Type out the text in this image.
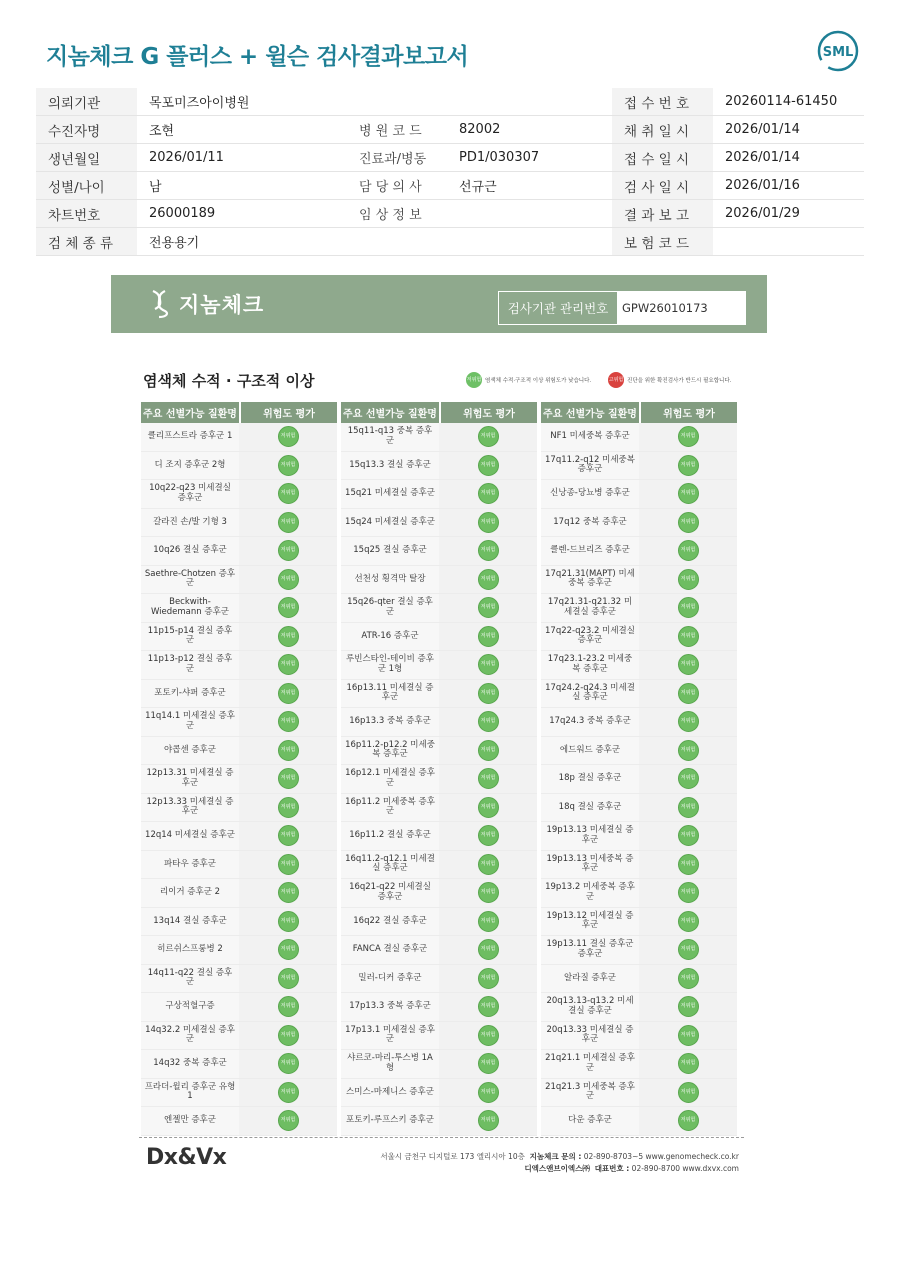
지놈체크 G 플러스 + 윌슨 검사결과보고서	SML
의뢰기관	목포미즈아이병원			접 수 번 호	20260114-61450
수진자명	조현	병 원 코 드	82002	채 취 일 시	2026/01/14
생년월일	2026/01/11	진료과/병동	PD1/030307	접 수 일 시	2026/01/14
성별/나이	남	담 당 의 사	선규근	검 사 일 시	2026/01/16
차트번호	26000189	임 상 정 보		결 과 보 고	2026/01/29
검 체 종 류	전용용기			보 험 코 드	
지놈체크	검사기관 관리번호	GPW26010173
염색체 수적 · 구조적 이상	저위험 염색체 수적·구조적 이상 위험도가 낮습니다.	고위험 진단을 위한 확진검사가 반드시 필요합니다.
주요 선별가능 질환명	위험도 평가
클리프스트라 증후군 1	저위험
디 조지 증후군 2형	저위험
10q22-q23 미세결실 증후군	저위험
갈라진 손/발 기형 3	저위험
10q26 결실 증후군	저위험
Saethre-Chotzen 증후군	저위험
Beckwith-Wiedemann 증후군	저위험
11p15-p14 결실 증후군	저위험
11p13-p12 결실 증후군	저위험
포토키-샤퍼 증후군	저위험
11q14.1 미세결실 증후군	저위험
야콥센 증후군	저위험
12p13.31 미세결실 증후군	저위험
12p13.33 미세결실 증후군	저위험
12q14 미세결실 증후군	저위험
파타우 증후군	저위험
리이거 증후군 2	저위험
13q14 결실 증후군	저위험
히르쉬스프룽병 2	저위험
14q11-q22 결실 증후군	저위험
구상적혈구증	저위험
14q32.2 미세결실 증후군	저위험
14q32 중복 증후군	저위험
프라더-윌리 증후군 유형 1	저위험
엔젤만 증후군	저위험
주요 선별가능 질환명	위험도 평가
15q11-q13 중복 증후군	저위험
15q13.3 결실 증후군	저위험
15q21 미세결실 증후군	저위험
15q24 미세결실 증후군	저위험
15q25 결실 증후군	저위험
선천성 횡격막 탈장	저위험
15q26-qter 결실 증후군	저위험
ATR-16 증후군	저위험
루빈스타인-테이비 증후군 1형	저위험
16p13.11 미세결실 증후군	저위험
16p13.3 중복 증후군	저위험
16p11.2-p12.2 미세중복 증후군	저위험
16p12.1 미세결실 증후군	저위험
16p11.2 미세중복 증후군	저위험
16p11.2 결실 증후군	저위험
16q11.2-q12.1 미세결실 증후군	저위험
16q21-q22 미세결실 증후군	저위험
16q22 결실 증후군	저위험
FANCA 결실 증후군	저위험
밀러-디커 증후군	저위험
17p13.3 중복 증후군	저위험
17p13.1 미세결실 증후군	저위험
샤르코-마리-투스병 1A형	저위험
스미스-마제니스 증후군	저위험
포토키-루프스키 증후군	저위험
주요 선별가능 질환명	위험도 평가
NF1 미세중복 증후군	저위험
17q11.2-q12 미세중복 증후군	저위험
신낭종-당뇨병 증후군	저위험
17q12 중복 증후군	저위험
클렌-드브리즈 증후군	저위험
17q21.31(MAPT) 미세중복 증후군	저위험
17q21.31-q21.32 미세결실 증후군	저위험
17q22-q23.2 미세결실 증후군	저위험
17q23.1-23.2 미세중복 증후군	저위험
17q24.2-q24.3 미세결실 증후군	저위험
17q24.3 중복 증후군	저위험
에드워드 증후군	저위험
18p 결실 증후군	저위험
18q 결실 증후군	저위험
19p13.13 미세결실 증후군	저위험
19p13.13 미세중복 증후군	저위험
19p13.2 미세중복 증후군	저위험
19p13.12 미세결실 증후군	저위험
19p13.11 결실 증후군 증후군	저위험
알라질 증후군	저위험
20q13.13-q13.2 미세결실 증후군	저위험
20q13.33 미세결실 증후군	저위험
21q21.1 미세결실 증후군	저위험
21q21.3 미세중복 증후군	저위험
다운 증후군	저위험
Dx&Vx	서울시 금천구 디지털로 173 엘리시아 10층 지놈체크 문의 : 02-890-8703~5 www.genomecheck.co.kr
디엑스앤브이엑스㈜ 대표번호 : 02-890-8700 www.dxvx.com
